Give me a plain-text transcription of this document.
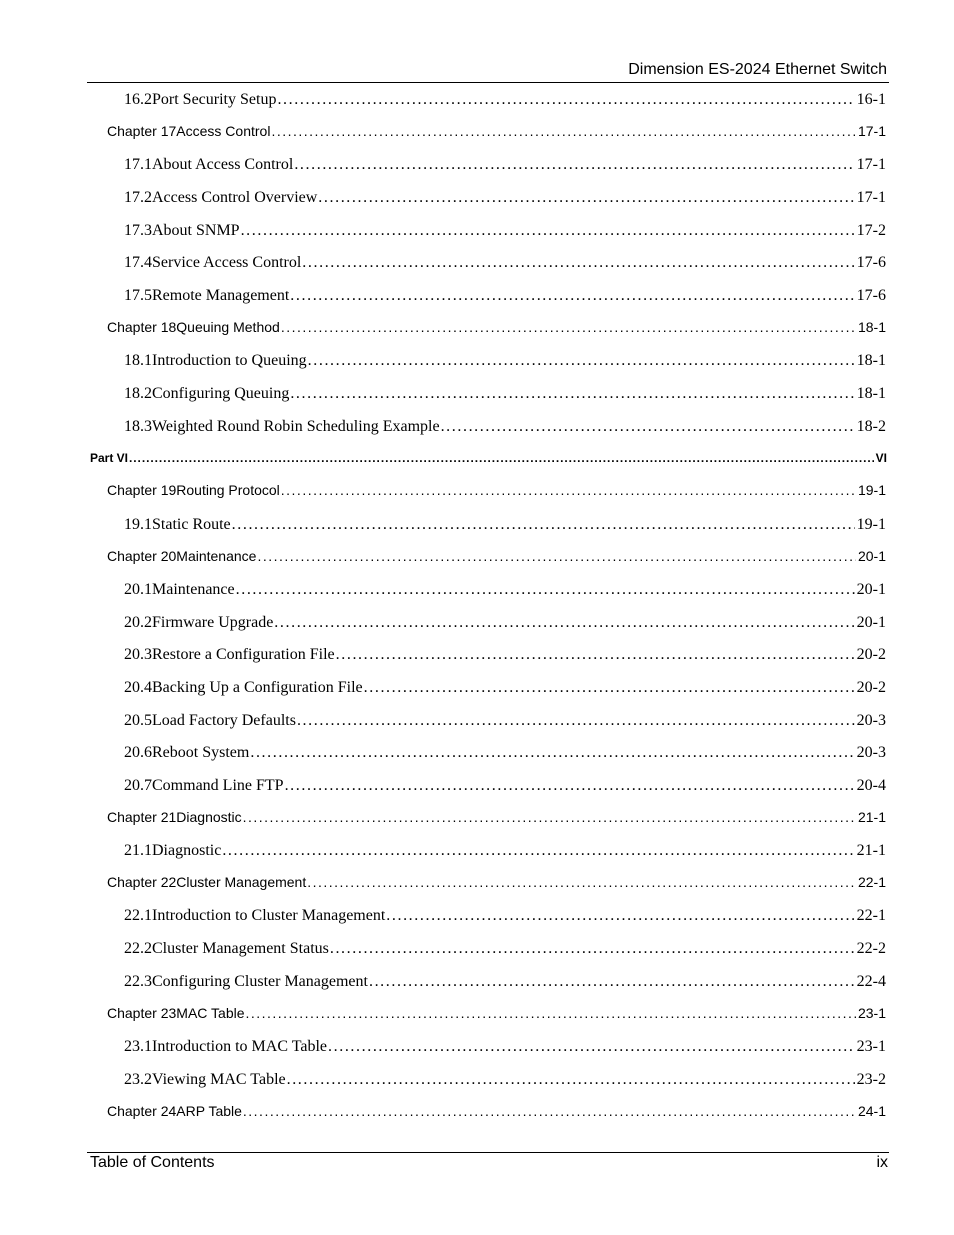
Dimension ES-2024 Ethernet Switch
16.2 Port Security Setup . . .	16-1
Chapter 17 Access Control . . .	17-1
17.1 About Access Control . . .	17-1
17.2 Access Control Overview . . .	17-1
17.3 About SNMP . . .	17-2
17.4 Service Access Control . . .	17-6
17.5 Remote Management . . .	17-6
Chapter 18 Queuing Method . . .	18-1
18.1 Introduction to Queuing . . .	18-1
18.2 Configuring Queuing . . .	18-1
18.3 Weighted Round Robin Scheduling Example . . .	18-2
Part VI . . .	VI
Chapter 19 Routing Protocol . . .	19-1
19.1 Static Route . . .	19-1
Chapter 20 Maintenance . . .	20-1
20.1 Maintenance . . .	20-1
20.2 Firmware Upgrade . . .	20-1
20.3 Restore a Configuration File . . .	20-2
20.4 Backing Up a Configuration File . . .	20-2
20.5 Load Factory Defaults . . .	20-3
20.6 Reboot System . . .	20-3
20.7 Command Line FTP . . .	20-4
Chapter 21 Diagnostic . . .	21-1
21.1 Diagnostic . . .	21-1
Chapter 22 Cluster Management . . .	22-1
22.1 Introduction to Cluster Management . . .	22-1
22.2 Cluster Management Status . . .	22-2
22.3 Configuring Cluster Management . . .	22-4
Chapter 23 MAC Table . . .	23-1
23.1 Introduction to MAC Table . . .	23-1
23.2 Viewing MAC Table . . .	23-2
Chapter 24 ARP Table . . .	24-1
Table of Contents	ix
